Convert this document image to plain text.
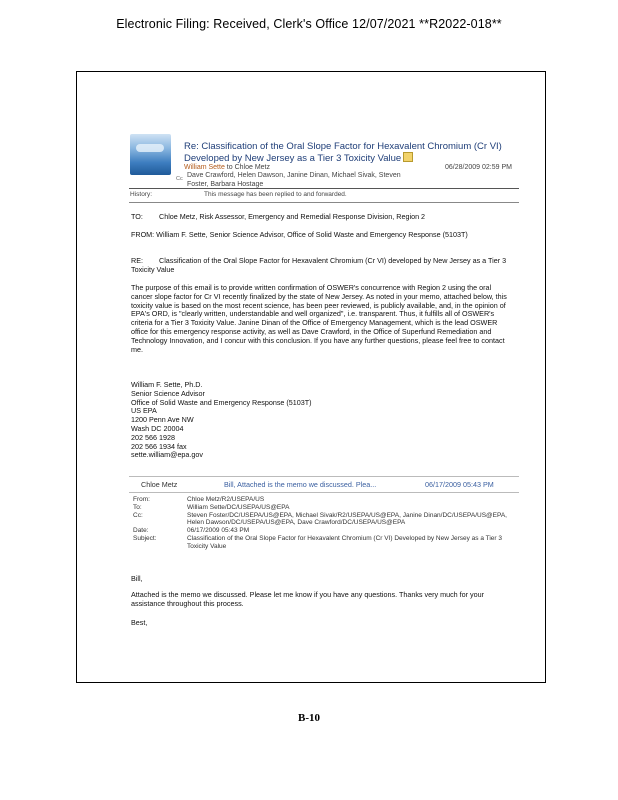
Electronic Filing: Received, Clerk's Office 12/07/2021 **R2022-018**
Re: Classification of the Oral Slope Factor for Hexavalent Chromium (Cr VI) Developed by New Jersey as a Tier 3 Toxicity Value
William Sette to Chloe Metz	06/28/2009 02:59 PM
Cc Dave Crawford, Helen Dawson, Janine Dinan, Michael Sivak, Steven Foster, Barbara Hostage
History:	This message has been replied to and forwarded.
TO: Chloe Metz, Risk Assessor, Emergency and Remedial Response Division, Region 2
FROM: William F. Sette, Senior Science Advisor, Office of Solid Waste and Emergency Response (5103T)
RE: Classification of the Oral Slope Factor for Hexavalent Chromium (Cr VI) developed by New Jersey as a Tier 3 Toxicity Value
The purpose of this email is to provide written confirmation of OSWER's concurrence with Region 2 using the oral cancer slope factor for Cr VI recently finalized by the state of New Jersey. As noted in your memo, attached below, this toxicity value is based on the most recent science, has been peer reviewed, is publicly available, and, in the opinion of EPA's ORD, is "clearly written, understandable and well organized", i.e. transparent. Thus, it fulfills all of OSWER's criteria for a Tier 3 Toxicity Value. Janine Dinan of the Office of Emergency Management, which is the lead OSWER office for this emergency response activity, as well as Dave Crawford, in the Office of Superfund Remediation and Technology Innovation, and I concur with this conclusion. If you have any further questions, please feel free to contact me.
William F. Sette, Ph.D.
Senior Science Advisor
Office of Solid Waste and Emergency Response (5103T)
US EPA
1200 Penn Ave NW
Wash DC 20004
202 566 1928
202 566 1934 fax
sette.william@epa.gov
Chloe Metz	Bill, Attached is the memo we discussed. Plea...	06/17/2009 05:43 PM
From:	Chloe Metz/R2/USEPA/US
To:	William Sette/DC/USEPA/US@EPA
Cc:	Steven Foster/DC/USEPA/US@EPA, Michael Sivak/R2/USEPA/US@EPA, Janine Dinan/DC/USEPA/US@EPA, Helen Dawson/DC/USEPA/US@EPA, Dave Crawford/DC/USEPA/US@EPA
Date:	06/17/2009 05:43 PM
Subject:	Classification of the Oral Slope Factor for Hexavalent Chromium (Cr VI) Developed by New Jersey as a Tier 3 Toxicity Value
Bill,
Attached is the memo we discussed. Please let me know if you have any questions. Thanks very much for your assistance throughout this process.
Best,
B-10
